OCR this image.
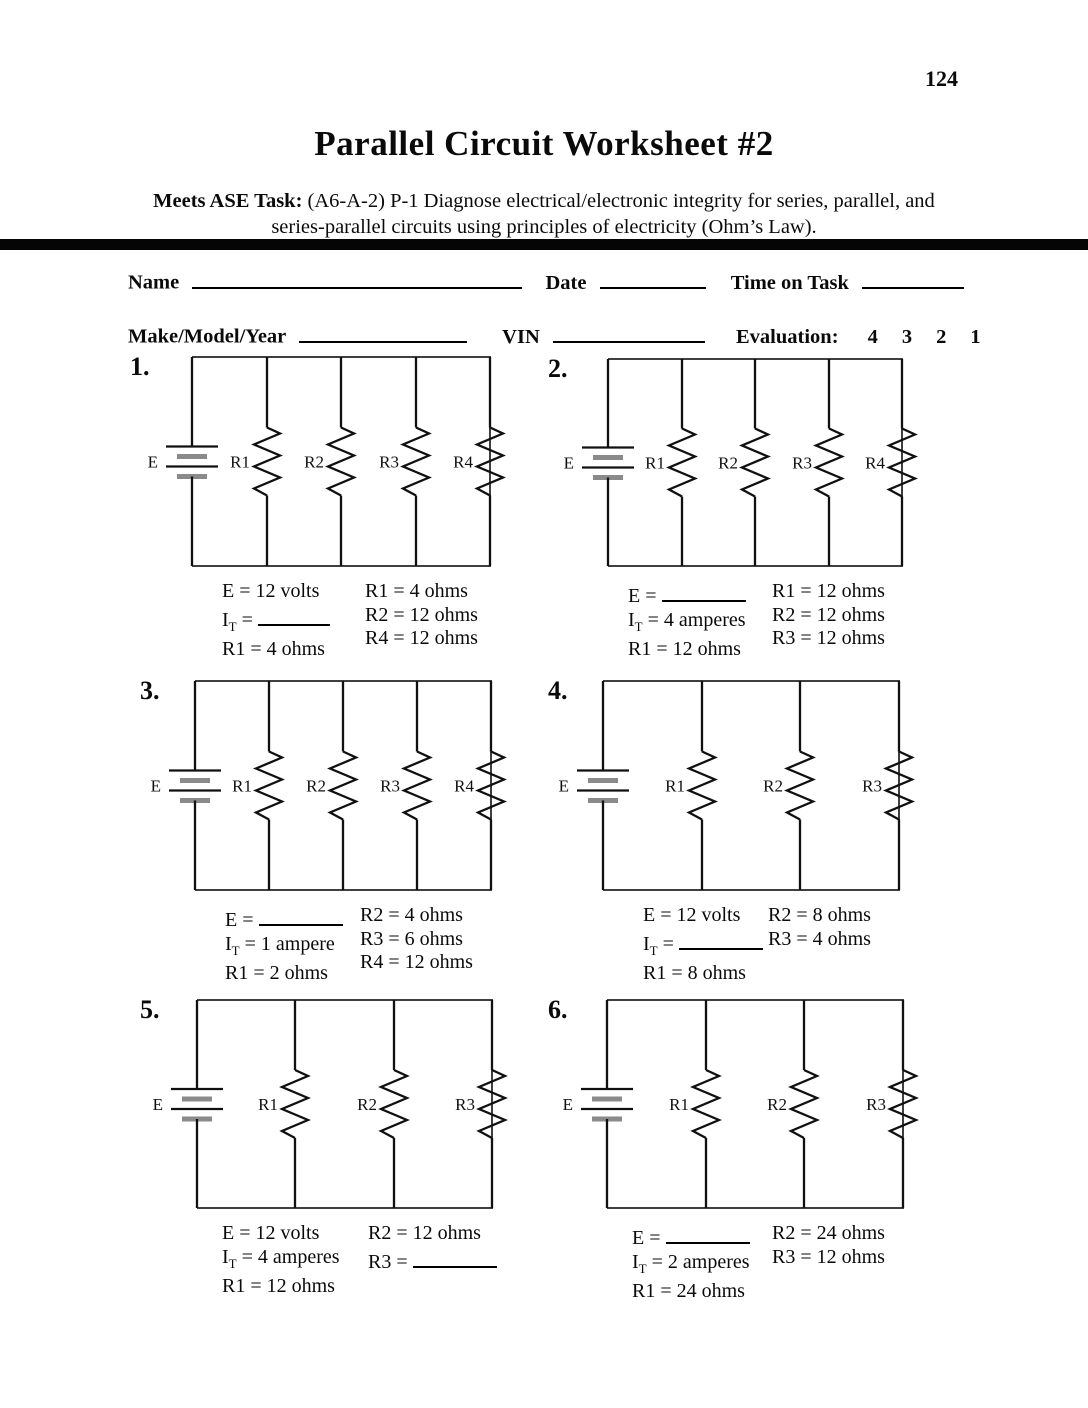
124
Parallel Circuit Worksheet #2
Meets ASE Task: (A6-A-2) P-1 Diagnose electrical/electronic integrity for series, parallel, and
series-parallel circuits using principles of electricity (Ohm’s Law).
Name	Date	Time on Task
Make/Model/Year	VIN	Evaluation: 4 3 2 1
E	R1	R2	R3	R4	E	R1	R2	R3	R4
E	R1	R2	R3	R4	E	R1	R2	R3
E	R1	R2	R3	E	R1	R2	R3
1.
E = 12 volts
$I_T$ =
R1 = 4 ohms
R1 = 4 ohms
R2 = 12 ohms
R4 = 12 ohms
2.
E =
$I_T = 4$ amperes
R1 = 12 ohms
R1 = 12 ohms
R2 = 12 ohms
R3 = 12 ohms
3.
E =
$I_T = 1$ ampere
R1 = 2 ohms
R2 = 4 ohms
R3 = 6 ohms
R4 = 12 ohms
4.
E = 12 volts
$I_T$ =
R1 = 8 ohms
R2 = 8 ohms
R3 = 4 ohms
5.
E = 12 volts
$I_T = 4$ amperes
R1 = 12 ohms
R2 = 12 ohms
R3 =
6.
E =
$I_T = 2$ amperes
R1 = 24 ohms
R2 = 24 ohms
R3 = 12 ohms
